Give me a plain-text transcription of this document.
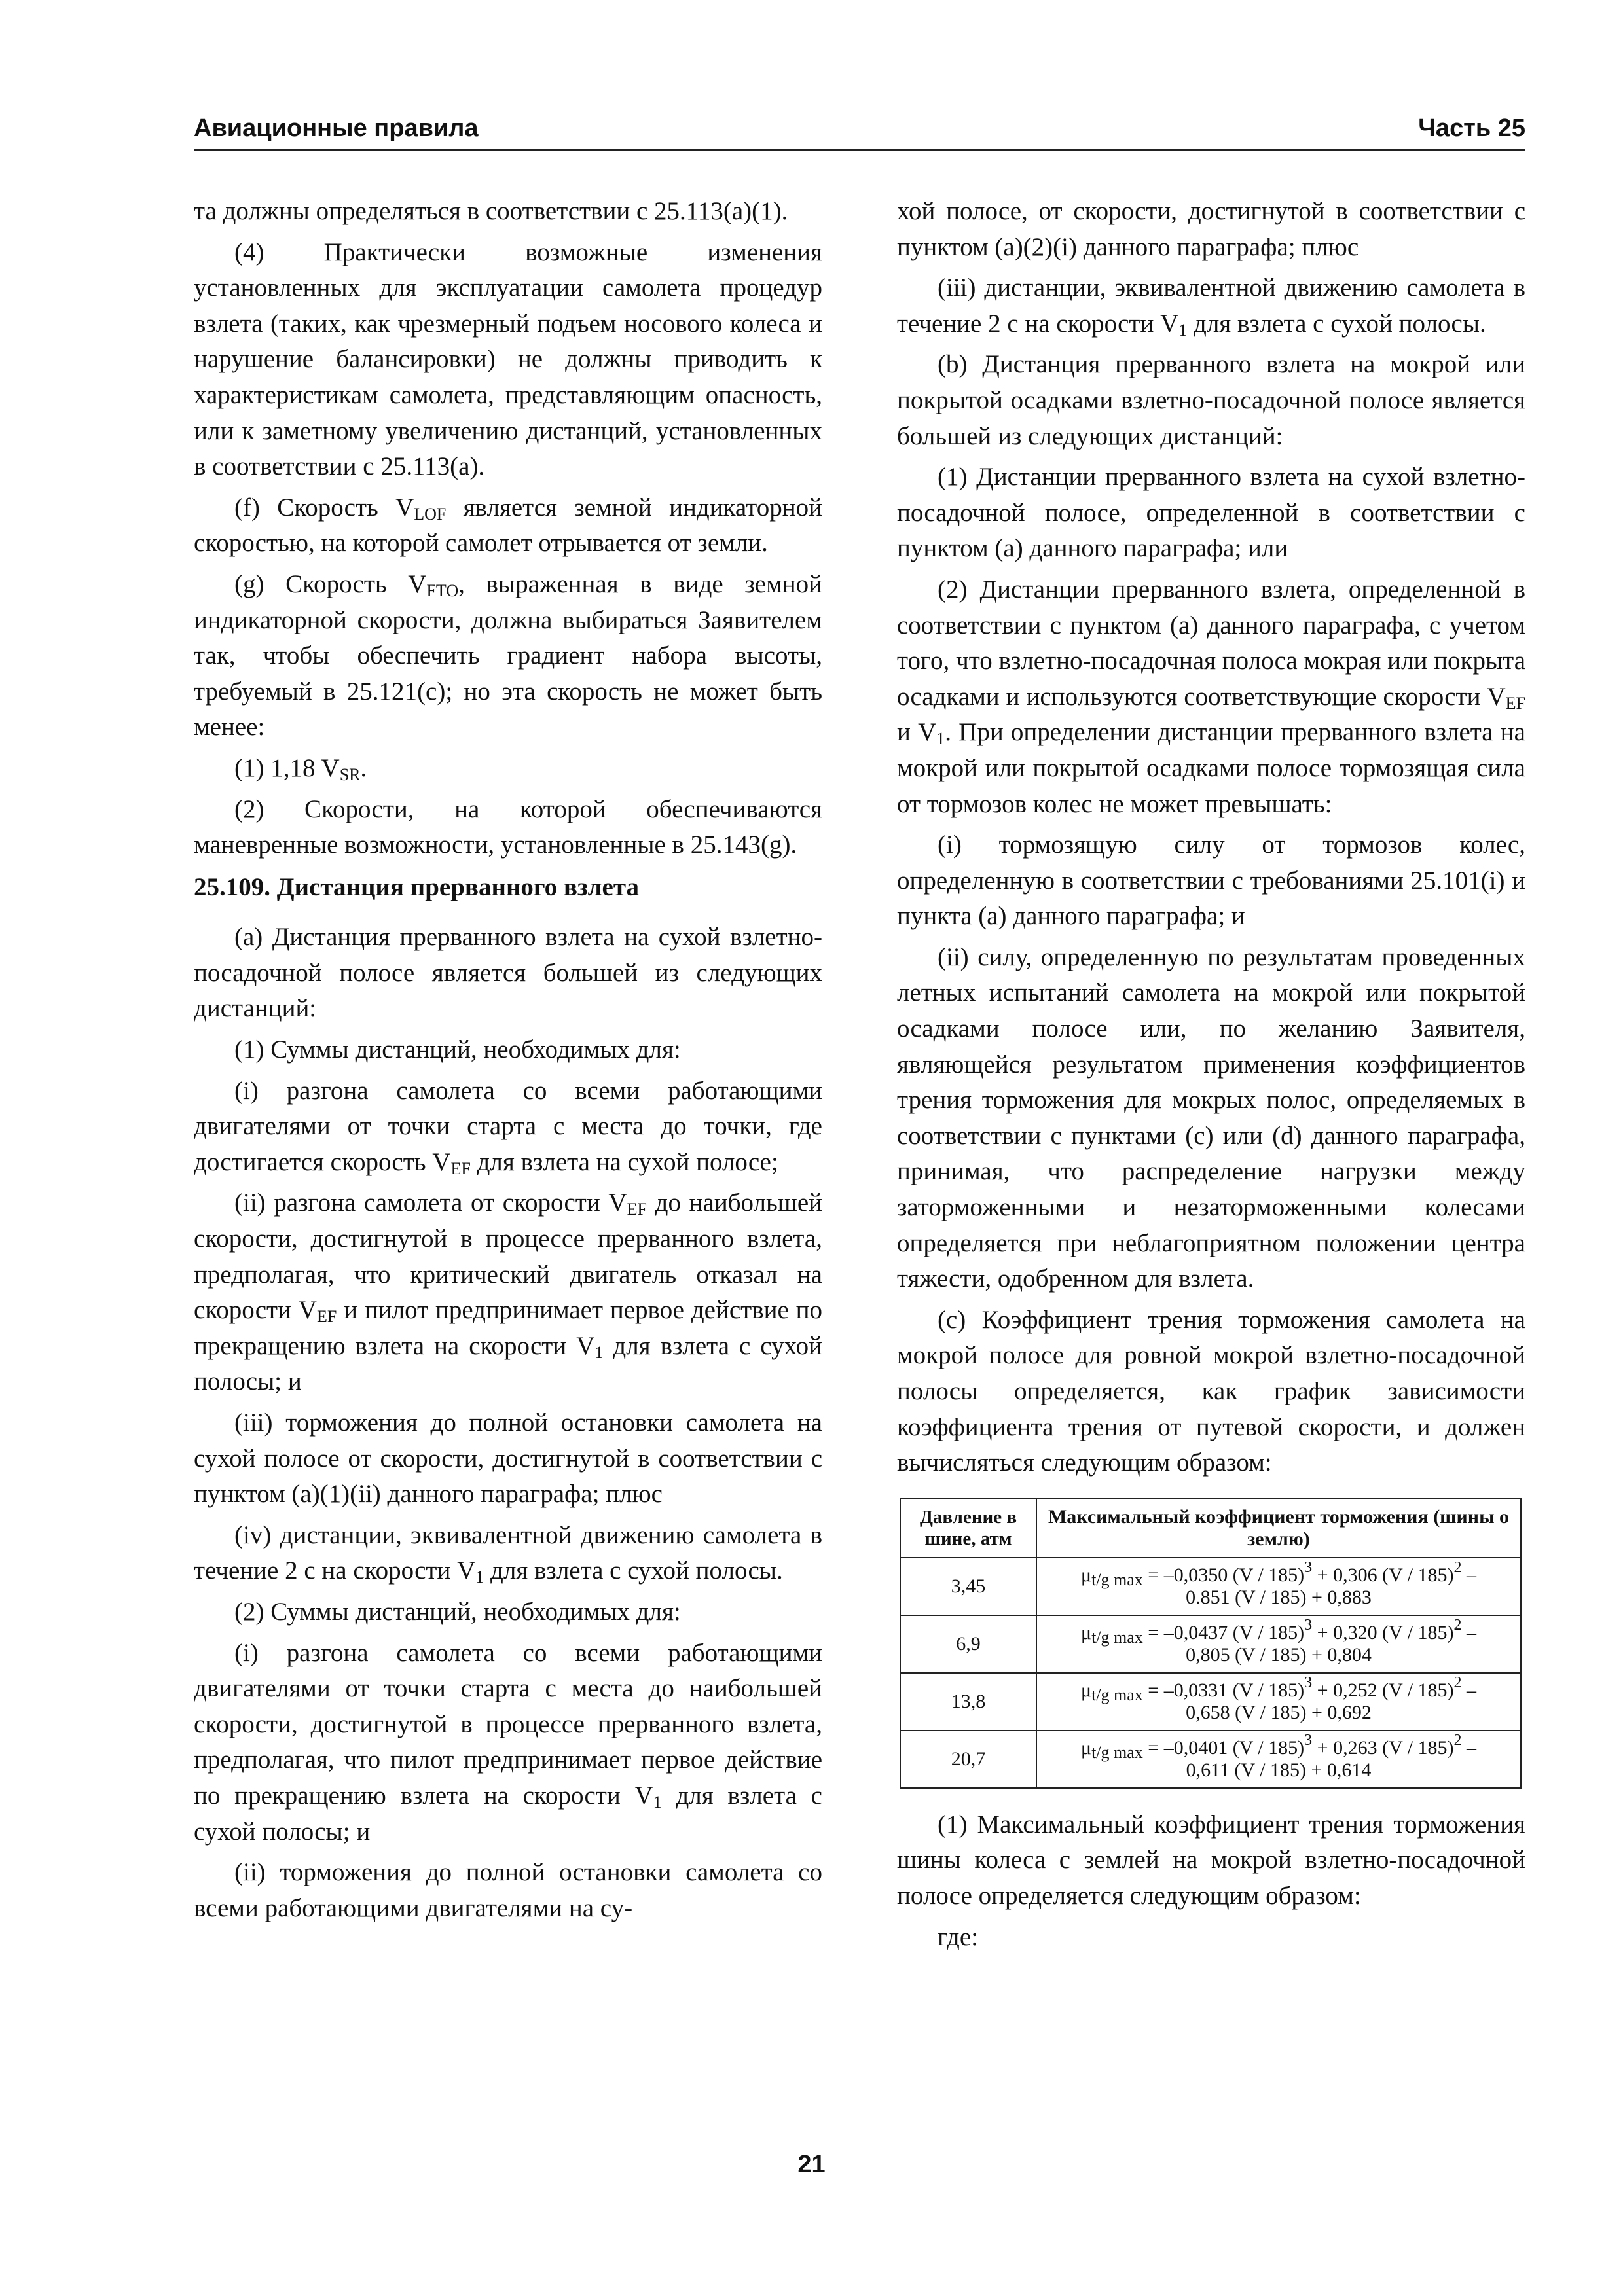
Авиационные правила	Часть 25

та должны определяться в соответствии с 25.113(a)(1).

(4) Практически возможные изменения установленных для эксплуатации самолета процедур взлета (таких, как чрезмерный подъем носового колеса и нарушение балансировки) не должны приводить к характеристикам самолета, представляющим опасность, или к заметному увеличению дистанций, установленных в соответствии с 25.113(a).

(f) Скорость $V_{LOF}$ является земной индикаторной скоростью, на которой самолет отрывается от земли.

(g) Скорость $V_{FTO}$, выраженная в виде земной индикаторной скорости, должна выбираться Заявителем так, чтобы обеспечить градиент набора высоты, требуемый в 25.121(c); но эта скорость не может быть менее:

(1) 1,18 $V_{SR}$.

(2) Скорости, на которой обеспечиваются маневренные возможности, установленные в 25.143(g).

25.109. Дистанция прерванного взлета

(a) Дистанция прерванного взлета на сухой взлетно-посадочной полосе является большей из следующих дистанций:

(1) Суммы дистанций, необходимых для:

(i) разгона самолета со всеми работающими двигателями от точки старта с места до точки, где достигается скорость $V_{EF}$ для взлета на сухой полосе;

(ii) разгона самолета от скорости $V_{EF}$ до наибольшей скорости, достигнутой в процессе прерванного взлета, предполагая, что критический двигатель отказал на скорости $V_{EF}$ и пилот предпринимает первое действие по прекращению взлета на скорости $V_1$ для взлета с сухой полосы; и

(iii) торможения до полной остановки самолета на сухой полосе от скорости, достигнутой в соответствии с пунктом (a)(1)(ii) данного параграфа; плюс

(iv) дистанции, эквивалентной движению самолета в течение 2 с на скорости $V_1$ для взлета с сухой полосы.

(2) Суммы дистанций, необходимых для:

(i) разгона самолета со всеми работающими двигателями от точки старта с места до наибольшей скорости, достигнутой в процессе прерванного взлета, предполагая, что пилот предпринимает первое действие по прекращению взлета на скорости $V_1$ для взлета с сухой полосы; и

(ii) торможения до полной остановки самолета со всеми работающими двигателями на су-

хой полосе, от скорости, достигнутой в соответствии с пунктом (a)(2)(i) данного параграфа; плюс

(iii) дистанции, эквивалентной движению самолета в течение 2 с на скорости $V_1$ для взлета с сухой полосы.

(b) Дистанция прерванного взлета на мокрой или покрытой осадками взлетно-посадочной полосе является большей из следующих дистанций:

(1) Дистанции прерванного взлета на сухой взлетно-посадочной полосе, определенной в соответствии с пунктом (a) данного параграфа; или

(2) Дистанции прерванного взлета, определенной в соответствии с пунктом (a) данного параграфа, с учетом того, что взлетно-посадочная полоса мокрая или покрыта осадками и используются соответствующие скорости $V_{EF}$ и $V_1$. При определении дистанции прерванного взлета на мокрой или покрытой осадками полосе тормозящая сила от тормозов колес не может превышать:

(i) тормозящую силу от тормозов колес, определенную в соответствии с требованиями 25.101(i) и пункта (a) данного параграфа; и

(ii) силу, определенную по результатам проведенных летных испытаний самолета на мокрой или покрытой осадками полосе или, по желанию Заявителя, являющейся результатом применения коэффициентов трения торможения для мокрых полос, определяемых в соответствии с пунктами (c) или (d) данного параграфа, принимая, что распределение нагрузки между заторможенными и незаторможенными колесами определяется при неблагоприятном положении центра тяжести, одобренном для взлета.

(c) Коэффициент трения торможения самолета на мокрой полосе для ровной мокрой взлетно-посадочной полосы определяется, как график зависимости коэффициента трения от путевой скорости, и должен вычисляться следующим образом:

Давление в шине, атм	Максимальный коэффициент торможения (шины о землю)
3,45	$\mu_{t/g max} = -0,0350$ (V / 185)$^3$ + 0,306 (V / 185)$^2$ –
0.851 (V / 185) + 0,883
6,9	$\mu_{t/g max} = -0,0437$ (V / 185)$^3$ + 0,320 (V / 185)$^2$ –
0,805 (V / 185) + 0,804
13,8	$\mu_{t/g max} = -0,0331$ (V / 185)$^3$ + 0,252 (V / 185)$^2$ –
0,658 (V / 185) + 0,692
20,7	$\mu_{t/g max} = -0,0401$ (V / 185)$^3$ + 0,263 (V / 185)$^2$ –
0,611 (V / 185) + 0,614

(1) Максимальный коэффициент трения торможения шины колеса с землей на мокрой взлетно-посадочной полосе определяется следующим образом:

где:

21
